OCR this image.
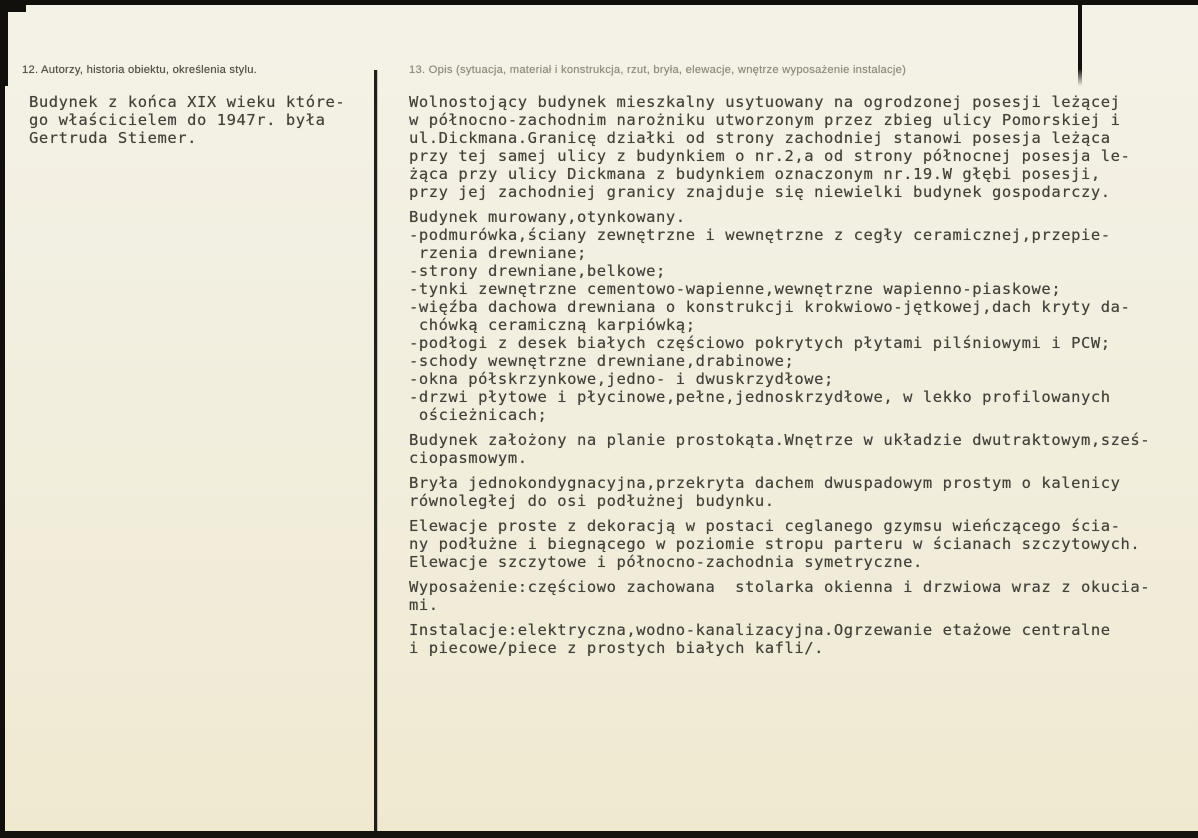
12. Autorzy, historia obiektu, określenia stylu.	13. Opis (sytuacja, materiał i konstrukcja, rzut, bryła, elewacje, wnętrze wyposażenie instalacje)
Budynek z końca XIX wieku które-
go właścicielem do 1947r. była
Gertruda Stiemer.
Wolnostojący budynek mieszkalny usytuowany na ogrodzonej posesji leżącej
w północno-zachodnim narożniku utworzonym przez zbieg ulicy Pomorskiej i
ul.Dickmana.Granicę działki od strony zachodniej stanowi posesja leżąca
przy tej samej ulicy z budynkiem o nr.2,a od strony północnej posesja le-
żąca przy ulicy Dickmana z budynkiem oznaczonym nr.19.W głębi posesji,
przy jej zachodniej granicy znajduje się niewielki budynek gospodarczy.
Budynek murowany,otynkowany.
-podmurówka,ściany zewnętrzne i wewnętrzne z cegły ceramicznej,przepie-
rzenia drewniane;
-strony drewniane,belkowe;
-tynki zewnętrzne cementowo-wapienne,wewnętrzne wapienno-piaskowe;
-więźba dachowa drewniana o konstrukcji krokwiowo-jętkowej,dach kryty da-
chówką ceramiczną karpiówką;
-podłogi z desek białych częściowo pokrytych płytami pilśniowymi i PCW;
-schody wewnętrzne drewniane,drabinowe;
-okna półskrzynkowe,jedno- i dwuskrzydłowe;
-drzwi płytowe i płycinowe,pełne,jednoskrzydłowe, w lekko profilowanych
ościeżnicach;
Budynek założony na planie prostokąta.Wnętrze w układzie dwutraktowym,sześ-
ciopasmowym.
Bryła jednokondygnacyjna,przekryta dachem dwuspadowym prostym o kalenicy
równoległej do osi podłużnej budynku.
Elewacje proste z dekoracją w postaci ceglanego gzymsu wieńczącego ścia-
ny podłużne i biegnącego w poziomie stropu parteru w ścianach szczytowych.
Elewacje szczytowe i północno-zachodnia symetryczne.
Wyposażenie:częściowo zachowana  stolarka okienna i drzwiowa wraz z okucia-
mi.
Instalacje:elektryczna,wodno-kanalizacyjna.Ogrzewanie etażowe centralne
i piecowe/piece z prostych białych kafli/.
